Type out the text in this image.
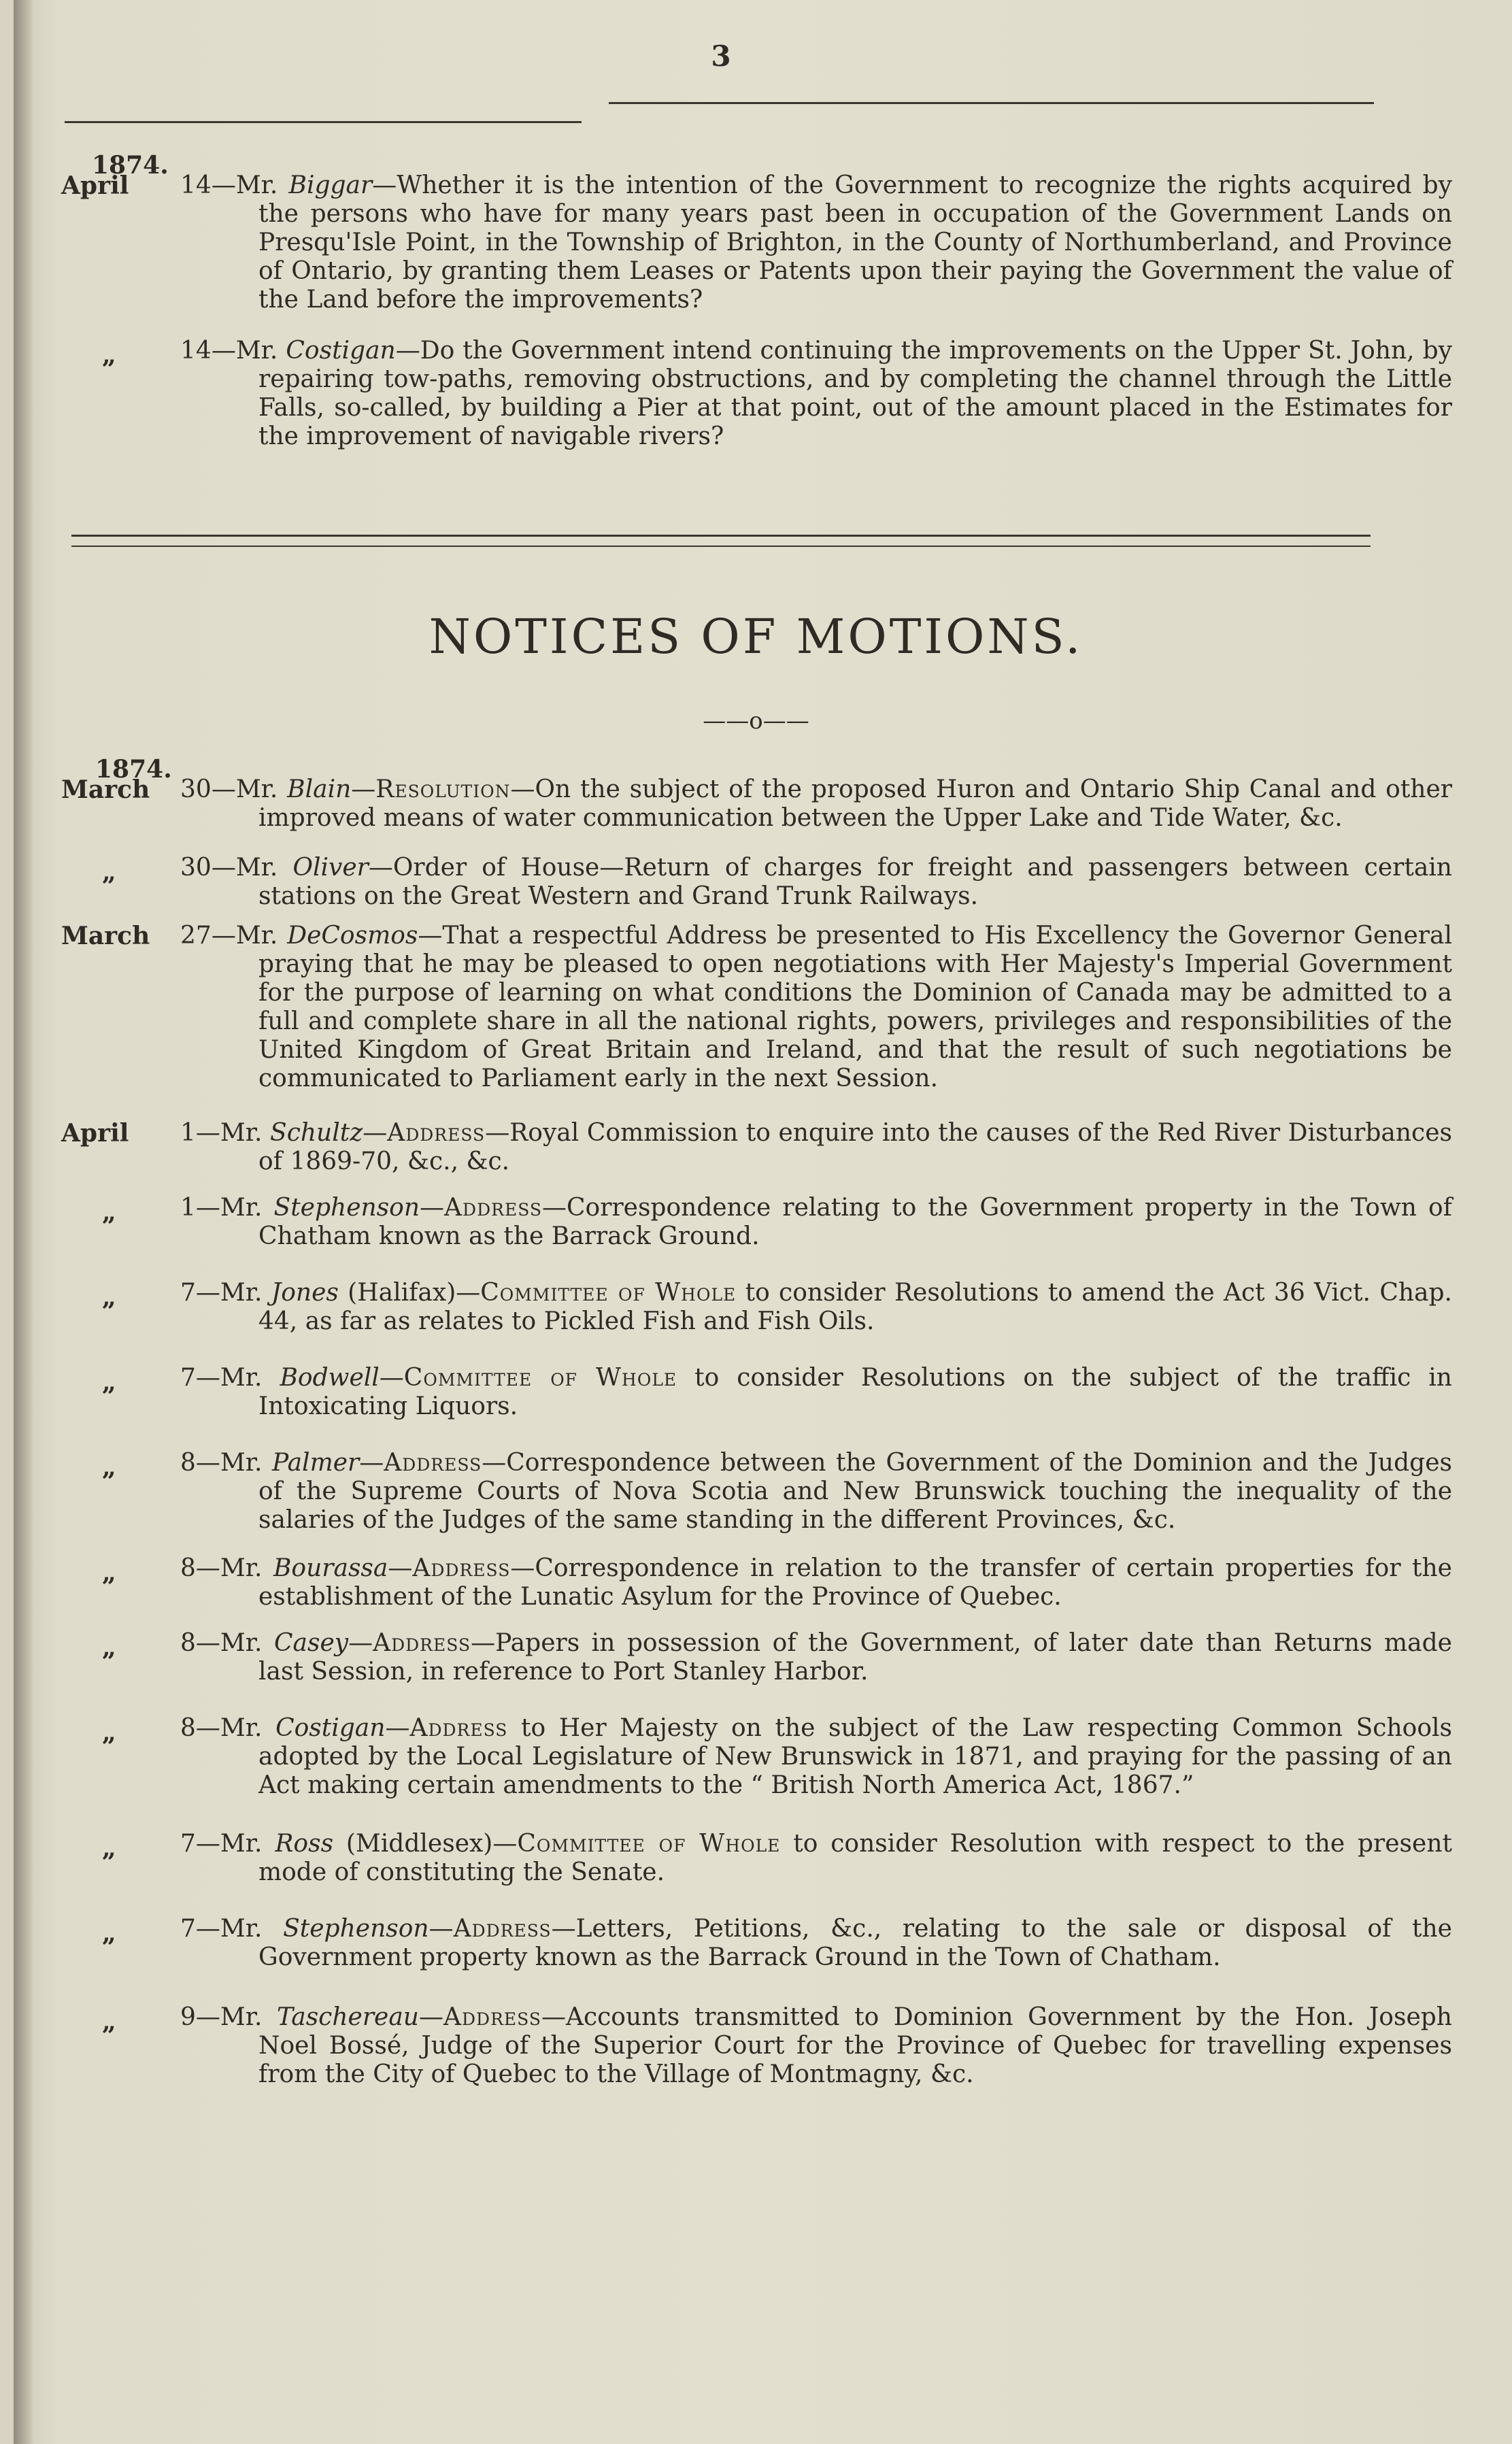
3
1874.
April	14—Mr. Biggar—Whether it is the intention of the Government to recognize the rights acquired by the persons who have for many years past been in occupation of the Government Lands on Presqu'Isle Point, in the Township of Brighton, in the County of Northumberland, and Province of Ontario, by granting them Leases or Patents upon their paying the Government the value of the Land before the improvements?
„	14—Mr. Costigan—Do the Government intend continuing the improvements on the Upper St. John, by repairing tow-paths, removing obstructions, and by completing the channel through the Little Falls, so-called, by building a Pier at that point, out of the amount placed in the Estimates for the improvement of navigable rivers?
NOTICES OF MOTIONS.
——o——
1874.
March 30—Mr. Blain—Resolution—On the subject of the proposed Huron and Ontario Ship Canal and other improved means of water communication between the Upper Lake and Tide Water, &c.
„	30—Mr. Oliver—Order of House—Return of charges for freight and passengers between certain stations on the Great Western and Grand Trunk Railways.
March 27—Mr. DeCosmos—That a respectful Address be presented to His Excellency the Governor General praying that he may be pleased to open negotiations with Her Majesty's Imperial Government for the purpose of learning on what conditions the Dominion of Canada may be admitted to a full and complete share in all the national rights, powers, privileges and responsibilities of the United Kingdom of Great Britain and Ireland, and that the result of such negotiations be communicated to Parliament early in the next Session.
April	1—Mr. Schultz—Address—Royal Commission to enquire into the causes of the Red River Disturbances of 1869-70, &c., &c.
„	1—Mr. Stephenson—Address—Correspondence relating to the Government property in the Town of Chatham known as the Barrack Ground.
„	7—Mr. Jones (Halifax)—Committee of Whole to consider Resolutions to amend the Act 36 Vict. Chap. 44, as far as relates to Pickled Fish and Fish Oils.
„	7—Mr. Bodwell—Committee of Whole to consider Resolutions on the subject of the traffic in Intoxicating Liquors.
„	8—Mr. Palmer—Address—Correspondence between the Government of the Dominion and the Judges of the Supreme Courts of Nova Scotia and New Brunswick touching the inequality of the salaries of the Judges of the same standing in the different Provinces, &c.
„	8—Mr. Bourassa—Address—Correspondence in relation to the transfer of certain properties for the establishment of the Lunatic Asylum for the Province of Quebec.
„	8—Mr. Casey—Address—Papers in possession of the Government, of later date than Returns made last Session, in reference to Port Stanley Harbor.
„	8—Mr. Costigan—Address to Her Majesty on the subject of the Law respecting Common Schools adopted by the Local Legislature of New Brunswick in 1871, and praying for the passing of an Act making certain amendments to the “ British North America Act, 1867.”
„	7—Mr. Ross (Middlesex)—Committee of Whole to consider Resolution with respect to the present mode of constituting the Senate.
„	7—Mr. Stephenson—Address—Letters, Petitions, &c., relating to the sale or disposal of the Government property known as the Barrack Ground in the Town of Chatham.
„	9—Mr. Taschereau—Address—Accounts transmitted to Dominion Government by the Hon. Joseph Noel Bossé, Judge of the Superior Court for the Province of Quebec for travelling expenses from the City of Quebec to the Village of Montmagny, &c.
